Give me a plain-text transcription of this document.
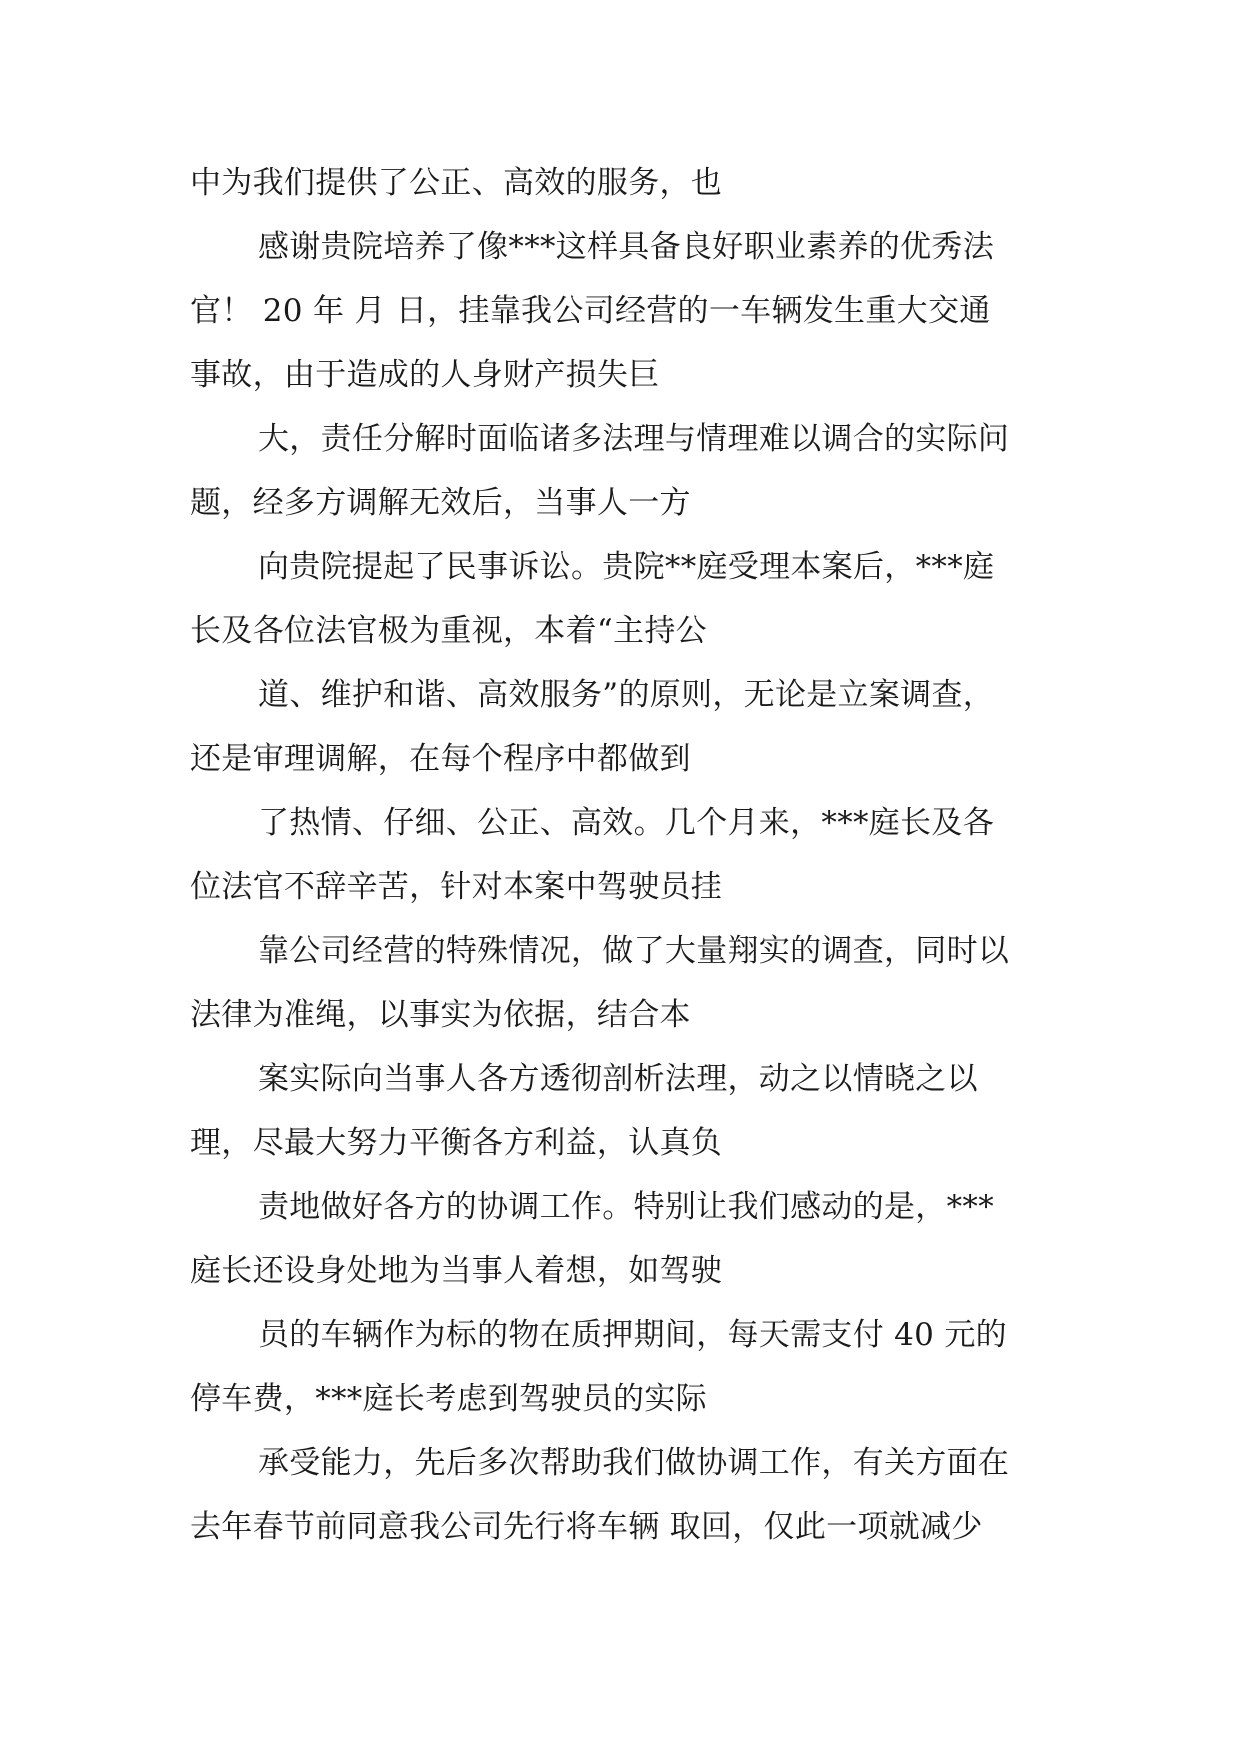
中为我们提供了公正、高效的服务，也
感谢贵院培养了像***这样具备良好职业素养的优秀法
官！ 20 年 月 日，挂靠我公司经营的一车辆发生重大交通
事故，由于造成的人身财产损失巨
大，责任分解时面临诸多法理与情理难以调合的实际问
题，经多方调解无效后，当事人一方
向贵院提起了民事诉讼。贵院**庭受理本案后，***庭
长及各位法官极为重视，本着“主持公
道、维护和谐、高效服务”的原则，无论是立案调查，
还是审理调解，在每个程序中都做到
了热情、仔细、公正、高效。几个月来，***庭长及各
位法官不辞辛苦，针对本案中驾驶员挂
靠公司经营的特殊情况，做了大量翔实的调查，同时以
法律为准绳，以事实为依据，结合本
案实际向当事人各方透彻剖析法理，动之以情晓之以
理，尽最大努力平衡各方利益，认真负
责地做好各方的协调工作。特别让我们感动的是，***
庭长还设身处地为当事人着想，如驾驶
员的车辆作为标的物在质押期间，每天需支付 40 元的
停车费，***庭长考虑到驾驶员的实际
承受能力，先后多次帮助我们做协调工作，有关方面在
去年春节前同意我公司先行将车辆 取回，仅此一项就减少
